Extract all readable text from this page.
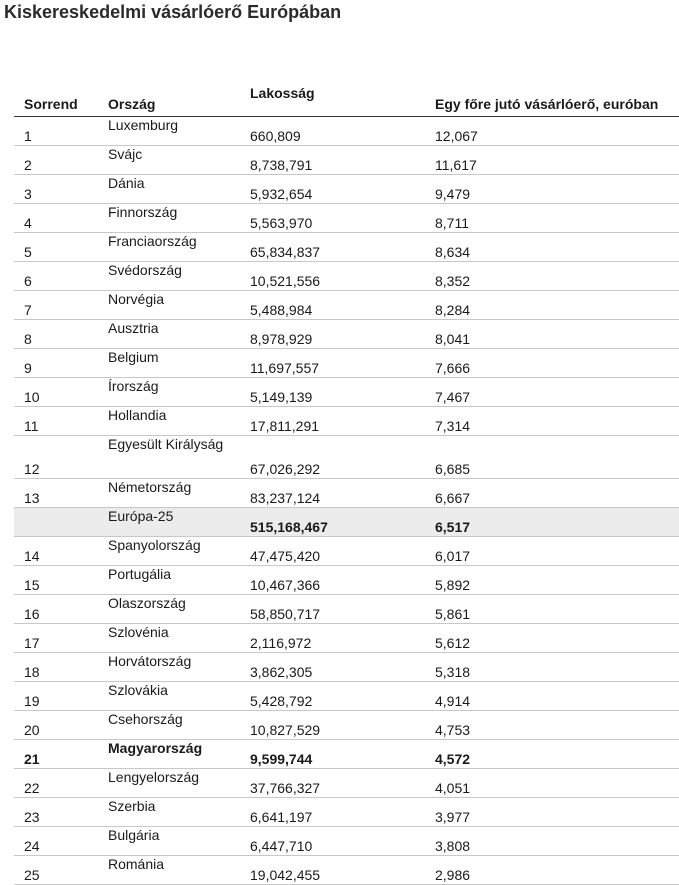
Kiskereskedelmi vásárlóerő Európában
Sorrend	Ország	Lakosság	Egy főre jutó vásárlóerő, euróban
1	Luxemburg	660,809	12,067
2	Svájc	8,738,791	11,617
3	Dánia	5,932,654	9,479
4	Finnország	5,563,970	8,711
5	Franciaország	65,834,837	8,634
6	Svédország	10,521,556	8,352
7	Norvégia	5,488,984	8,284
8	Ausztria	8,978,929	8,041
9	Belgium	11,697,557	7,666
10	Írország	5,149,139	7,467
11	Hollandia	17,811,291	7,314
12	Egyesült Királyság	67,026,292	6,685
13	Németország	83,237,124	6,667
	Európa-25	515,168,467	6,517
14	Spanyolország	47,475,420	6,017
15	Portugália	10,467,366	5,892
16	Olaszország	58,850,717	5,861
17	Szlovénia	2,116,972	5,612
18	Horvátország	3,862,305	5,318
19	Szlovákia	5,428,792	4,914
20	Csehország	10,827,529	4,753
21	Magyarország	9,599,744	4,572
22	Lengyelország	37,766,327	4,051
23	Szerbia	6,641,197	3,977
24	Bulgária	6,447,710	3,808
25	Románia	19,042,455	2,986
